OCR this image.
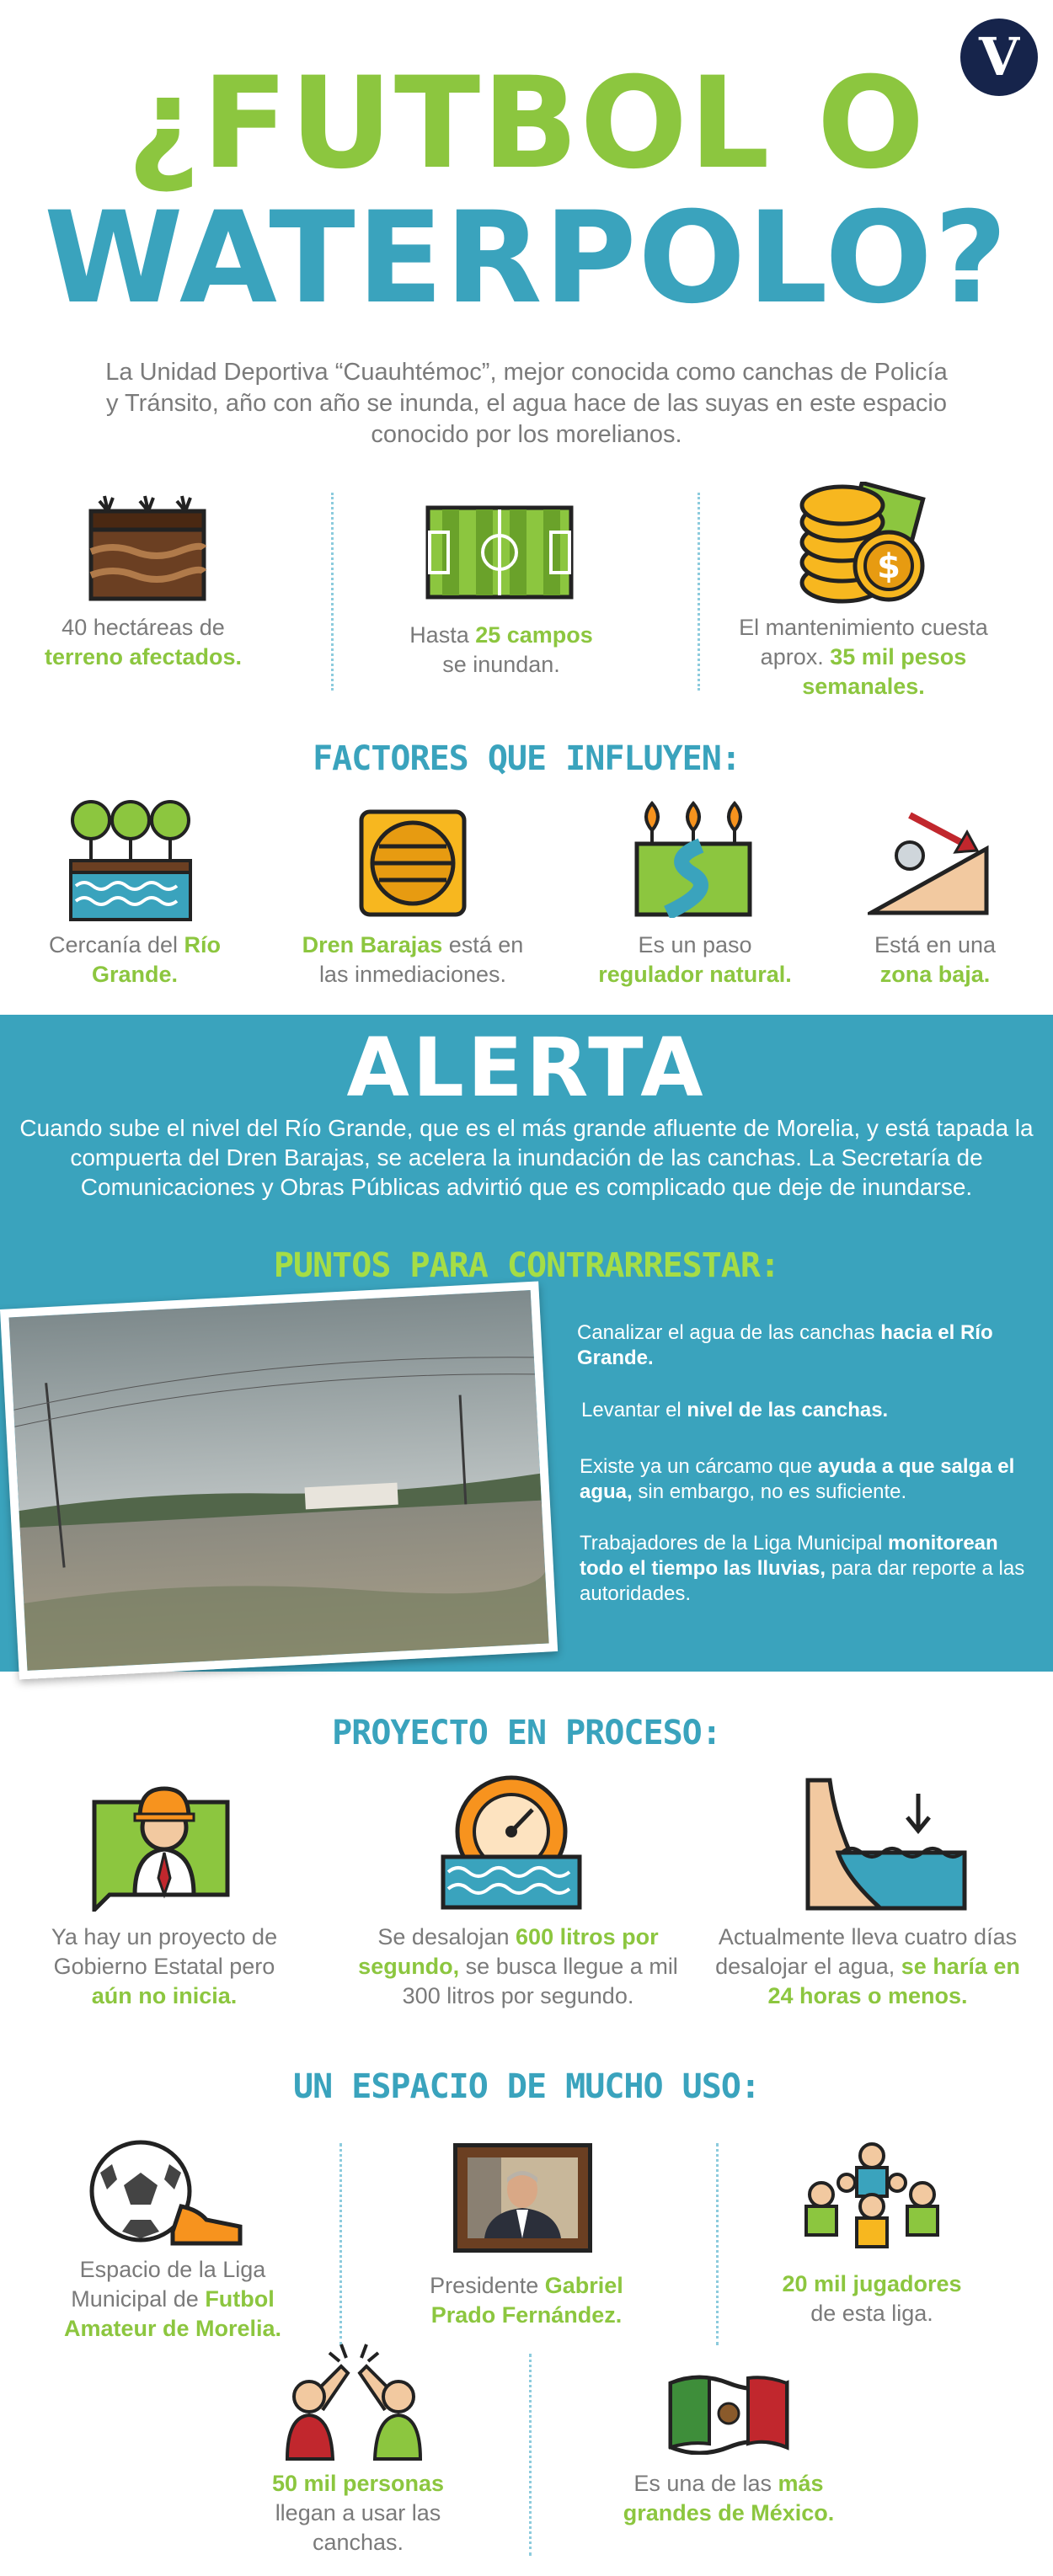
V
¿FUTBOL O
WATERPOLO?

La Unidad Deportiva “Cuauhtémoc”, mejor conocida como canchas de Policía y Tránsito, año con año se inunda, el agua hace de las suyas en este espacio conocido por los morelianos.

40 hectáreas de
terreno afectados.

Hasta 25 campos
se inundan.

$

El mantenimiento cuesta aprox. 35 mil pesos semanales.

FACTORES QUE INFLUYEN:

Cercanía del Río Grande.

Dren Barajas está en las inmediaciones.

Es un paso
regulador natural.

Está en una
zona baja.

ALERTA

Cuando sube el nivel del Río Grande, que es el más grande afluente de Morelia, y está tapada la compuerta del Dren Barajas, se acelera la inundación de las canchas. La Secretaría de Comunicaciones y Obras Públicas advirtió que es complicado que deje de inundarse.

PUNTOS PARA CONTRARRESTAR:

Canalizar el agua de las canchas hacia el Río Grande.

Levantar el nivel de las canchas.

Existe ya un cárcamo que ayuda a que salga el agua, sin embargo, no es suficiente.

Trabajadores de la Liga Municipal monitorean todo el tiempo las lluvias, para dar reporte a las autoridades.

PROYECTO EN PROCESO:

Ya hay un proyecto de Gobierno Estatal pero aún no inicia.

Se desalojan 600 litros por segundo, se busca llegue a mil 300 litros por segundo.

Actualmente lleva cuatro días desalojar el agua, se haría en 24 horas o menos.

UN ESPACIO DE MUCHO USO:

Espacio de la Liga Municipal de Futbol Amateur de Morelia.

Presidente Gabriel Prado Fernández.

20 mil jugadores
de esta liga.

50 mil personas
llegan a usar las canchas.

Es una de las más grandes de México.
